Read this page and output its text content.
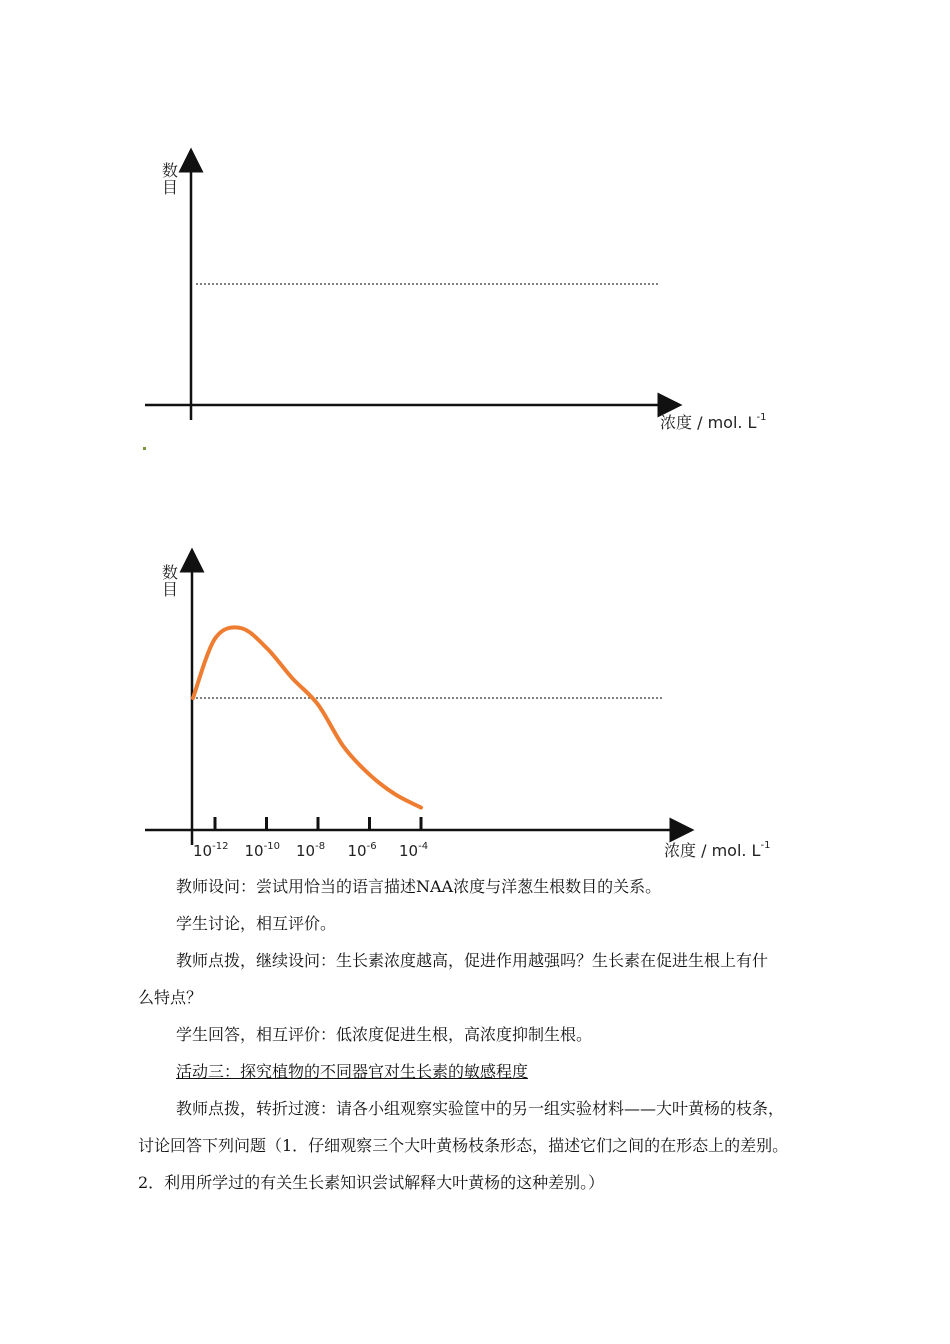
数目
浓度 / mol. $L^{-1}$
数目
$10^{-12}$ $10^{-10}$ $10^{-8}$ $10^{-6}$ $10^{-4}$	浓度 / mol. $L^{-1}$

教师设问：尝试用恰当的语言描述NAA浓度与洋葱生根数目的关系。

学生讨论，相互评价。

教师点拨，继续设问：生长素浓度越高，促进作用越强吗？生长素在促进生根上有什

么特点？

学生回答，相互评价：低浓度促进生根，高浓度抑制生根。

活动三：探究植物的不同器官对生长素的敏感程度

教师点拨，转折过渡：请各小组观察实验筐中的另一组实验材料——大叶黄杨的枝条，

讨论回答下列问题（1．仔细观察三个大叶黄杨枝条形态，描述它们之间的在形态上的差别。

2．利用所学过的有关生长素知识尝试解释大叶黄杨的这种差别。）
